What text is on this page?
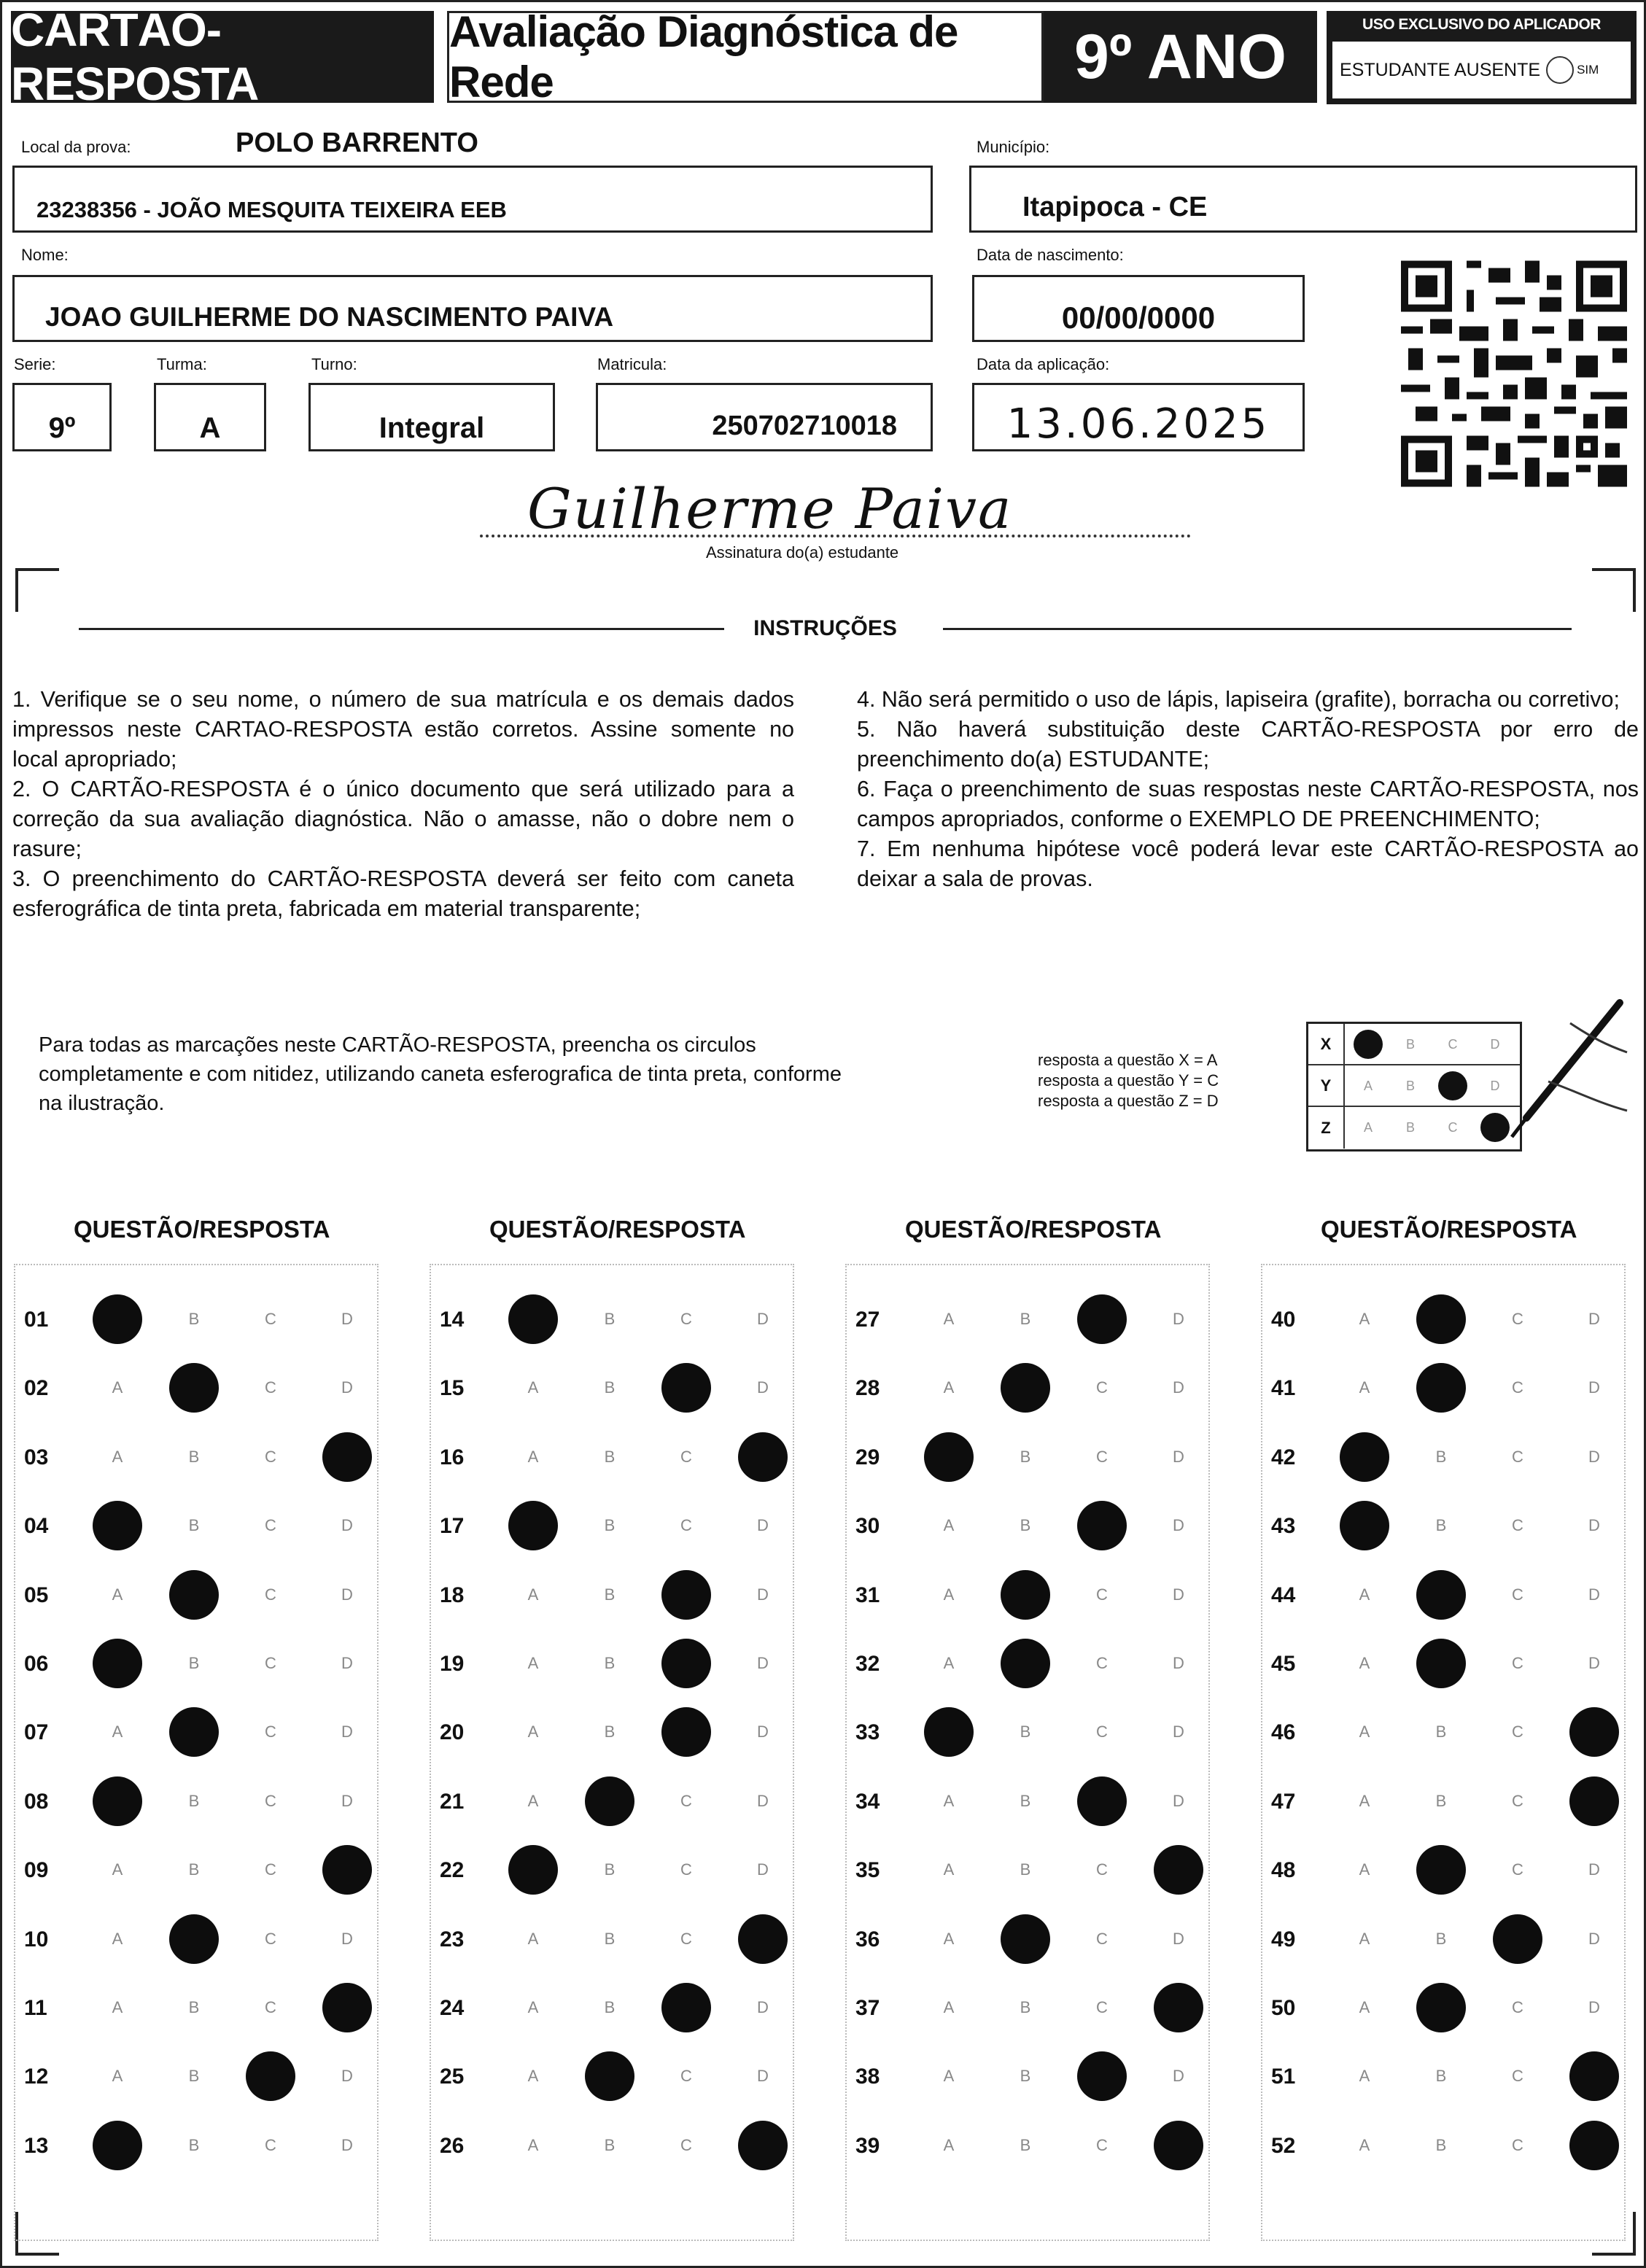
CARTÃO-RESPOSTA
Avaliação Diagnóstica de Rede	9º ANO	USO EXCLUSIVO DO APLICADOR
ESTUDANTE AUSENTE	SIM
Local da prova:	POLO BARRENTO
23238356 - JOÃO MESQUITA TEIXEIRA EEB
Município:
Itapipoca - CE
Nome:
JOAO GUILHERME DO NASCIMENTO PAIVA
Data de nascimento:
00/00/0000
Serie:
9º
Turma:
A
Turno:
Integral
Matricula:
250702710018
Data da aplicação:
13.06.2025
Guilherme Paiva
Assinatura do(a) estudante
INSTRUÇÕES

1. Verifique se o seu nome, o número de sua matrícula e os demais dados impressos neste CARTAO-RESPOSTA estão corretos. Assine somente no local apropriado;

2. O CARTÃO-RESPOSTA é o único documento que será utilizado para a correção da sua avaliação diagnóstica. Não o amasse, não o dobre nem o rasure;

3. O preenchimento do CARTÃO-RESPOSTA deverá ser feito com caneta esferográfica de tinta preta, fabricada em material transparente;

4. Não será permitido o uso de lápis, lapiseira (grafite), borracha ou corretivo;

5. Não haverá substituição deste CARTÃO-RESPOSTA por erro de preenchimento do(a) ESTUDANTE;

6. Faça o preenchimento de suas respostas neste CARTÃO-RESPOSTA, nos campos apropriados, conforme o EXEMPLO DE PREENCHIMENTO;

7. Em nenhuma hipótese você poderá levar este CARTÃO-RESPOSTA ao deixar a sala de provas.

Para todas as marcações neste CARTÃO-RESPOSTA, preencha os circulos completamente e com nitidez, utilizando caneta esferografica de tinta preta, conforme na ilustração.
resposta a questão X = A
resposta a questão Y = C
resposta a questão Z = D
X	B	C	D
Y	A	B	D
Z	A	B	C
QUESTÃO/RESPOSTA	QUESTÃO/RESPOSTA	QUESTÃO/RESPOSTA	QUESTÃO/RESPOSTA
01	B	C	D
02	A	C	D
03	A	B	C
04	B	C	D
05	A	C	D
06	B	C	D
07	A	C	D
08	B	C	D
09	A	B	C
10	A	C	D
11	A	B	C
12	A	B	D
13	B	C	D
14	B	C	D
15	A	B	D
16	A	B	C
17	B	C	D
18	A	B	D
19	A	B	D
20	A	B	D
21	A	C	D
22	B	C	D
23	A	B	C
24	A	B	D
25	A	C	D
26	A	B	C
27	A	B	D
28	A	C	D
29	B	C	D
30	A	B	D
31	A	C	D
32	A	C	D
33	B	C	D
34	A	B	D
35	A	B	C
36	A	C	D
37	A	B	C
38	A	B	D
39	A	B	C
40	A	C	D
41	A	C	D
42	B	C	D
43	B	C	D
44	A	C	D
45	A	C	D
46	A	B	C
47	A	B	C
48	A	C	D
49	A	B	D
50	A	C	D
51	A	B	C
52	A	B	C
